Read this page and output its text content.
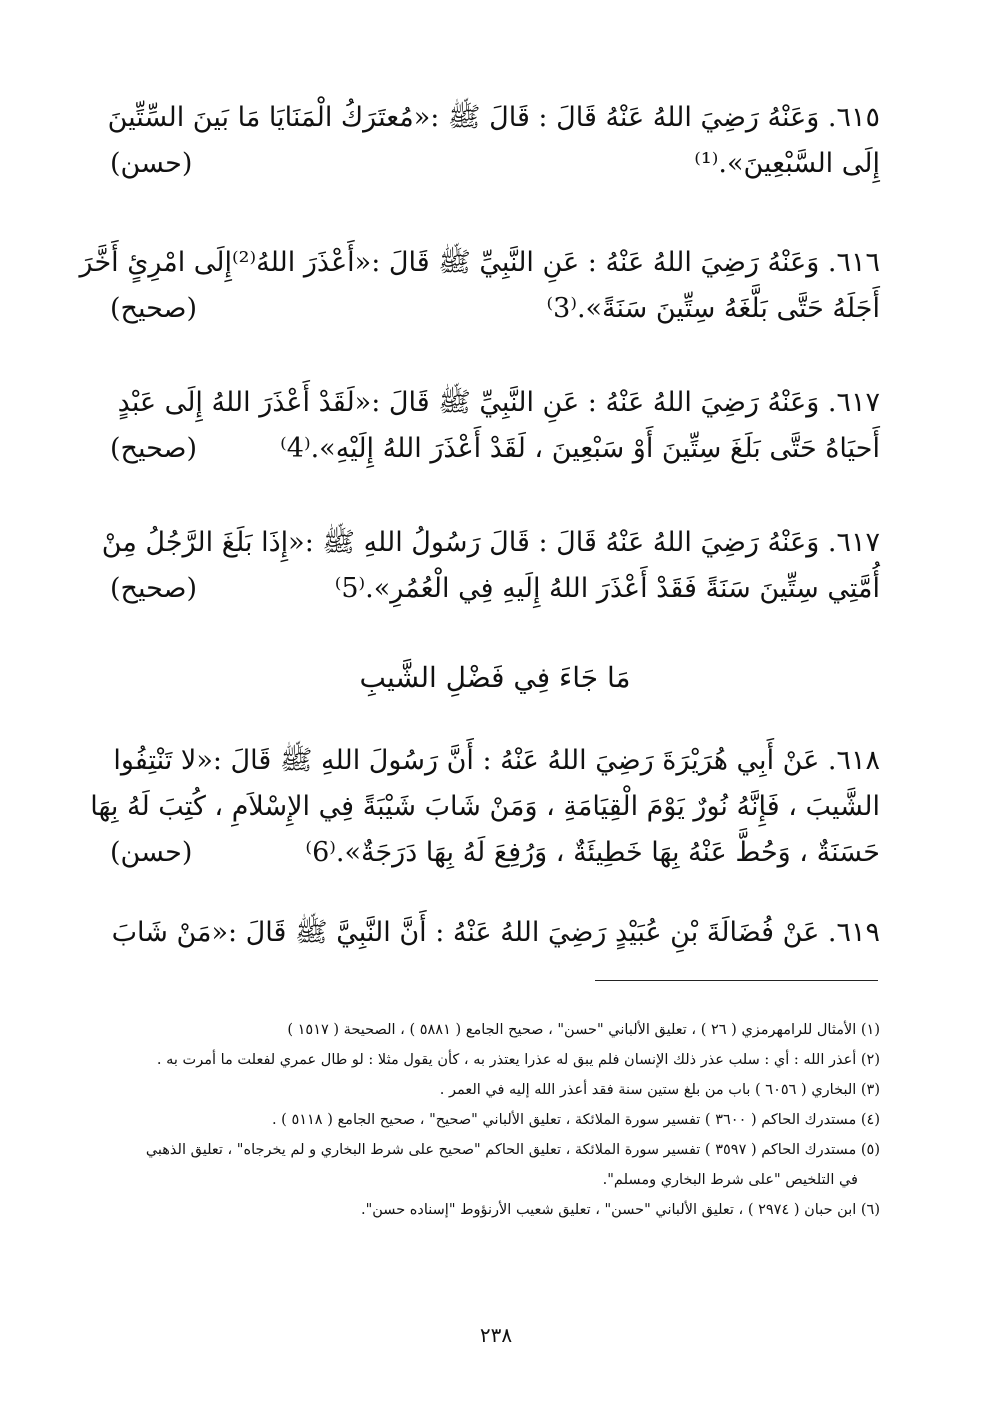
٦١٥. وَعَنْهُ رَضِيَ اللهُ عَنْهُ قَالَ : قَالَ ﷺ :«مُعتَرَكُ الْمَنَايَا مَا بَينَ السِّتِّينَ
إِلَى السَّبْعِينَ».⁽¹⁾
(حسن)
٦١٦. وَعَنْهُ رَضِيَ اللهُ عَنْهُ : عَنِ النَّبِيِّ ﷺ قَالَ :«أَعْذَرَ اللهُ⁽²⁾إِلَى امْرِئٍ أَخَّرَ
أَجَلَهُ حَتَّى بَلَّغَهُ سِتِّينَ سَنَةً».⁽3⁾
(صحيح)
٦١٧. وَعَنْهُ رَضِيَ اللهُ عَنْهُ : عَنِ النَّبِيِّ ﷺ قَالَ :«لَقَدْ أَعْذَرَ اللهُ إِلَى عَبْدٍ
أَحيَاهُ حَتَّى بَلَغَ سِتِّينَ أَوْ سَبْعِينَ ، لَقَدْ أَعْذَرَ اللهُ إِلَيْهِ».⁽4⁾
(صحيح)
٦١٧. وَعَنْهُ رَضِيَ اللهُ عَنْهُ قَالَ : قَالَ رَسُولُ اللهِ ﷺ :«إِذَا بَلَغَ الرَّجُلُ مِنْ
أُمَّتِي سِتِّينَ سَنَةً فَقَدْ أَعْذَرَ اللهُ إِلَيهِ فِي الْعُمُرِ».⁽5⁾
(صحيح)
مَا جَاءَ فِي فَضْلِ الشَّيبِ
٦١٨. عَنْ أَبِي هُرَيْرَةَ رَضِيَ اللهُ عَنْهُ : أَنَّ رَسُولَ اللهِ ﷺ قَالَ :«لا تَنْتِفُوا
الشَّيبَ ، فَإِنَّهُ نُورٌ يَوْمَ الْقِيَامَةِ ، وَمَنْ شَابَ شَيْبَةً فِي الإِسْلاَمِ ، كُتِبَ لَهُ بِهَا
حَسَنَةٌ ، وَحُطَّ عَنْهُ بِهَا خَطِيئَةٌ ، وَرُفِعَ لَهُ بِهَا دَرَجَةٌ».⁽6⁾
(حسن)
٦١٩. عَنْ فُضَالَةَ بْنِ عُبَيْدٍ رَضِيَ اللهُ عَنْهُ : أَنَّ النَّبِيَّ ﷺ قَالَ :«مَنْ شَابَ
(١) الأمثال للرامهرمزي ( ٢٦ ) ، تعليق الألباني "حسن" ، صحيح الجامع ( ٥٨٨١ ) ، الصحيحة ( ١٥١٧ )
(٢) أعذر الله : أي : سلب عذر ذلك الإنسان فلم يبق له عذرا يعتذر به ، كأن يقول مثلا : لو طال عمري لفعلت ما أمرت به .
(٣) البخاري ( ٦٠٥٦ ) باب من بلغ ستين سنة فقد أعذر الله إليه في العمر .
(٤) مستدرك الحاكم ( ٣٦٠٠ ) تفسير سورة الملائكة ، تعليق الألباني "صحيح" ، صحيح الجامع ( ٥١١٨ ) .
(٥) مستدرك الحاكم ( ٣٥٩٧ ) تفسير سورة الملائكة ، تعليق الحاكم "صحيح على شرط البخاري و لم يخرجاه" ، تعليق الذهبي
في التلخيص "على شرط البخاري ومسلم".
(٦) ابن حبان ( ٢٩٧٤ ) ، تعليق الألباني "حسن" ، تعليق شعيب الأرنؤوط "إسناده حسن".
٢٣٨
